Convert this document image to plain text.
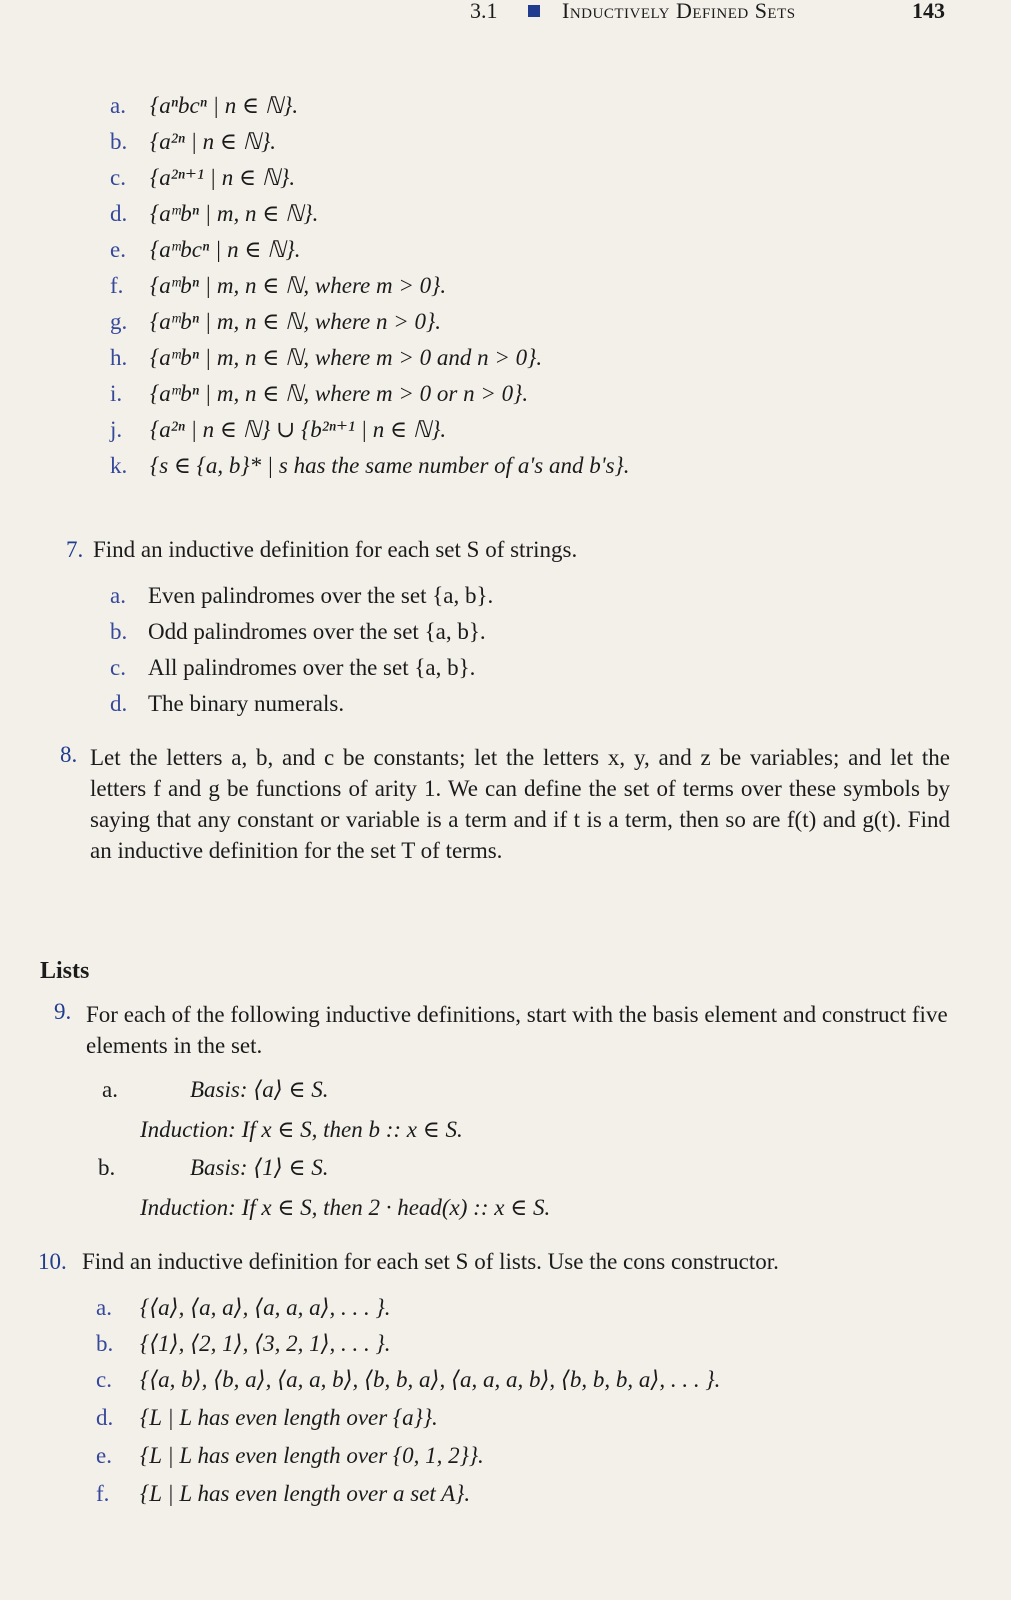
3.1	Inductively Defined Sets	143
a. {aⁿbcⁿ | n ∈ ℕ}.
b. {a²ⁿ | n ∈ ℕ}.
c. {a²ⁿ⁺¹ | n ∈ ℕ}.
d. {aᵐbⁿ | m, n ∈ ℕ}.
e. {aᵐbcⁿ | n ∈ ℕ}.
f. {aᵐbⁿ | m, n ∈ ℕ, where m > 0}.
g. {aᵐbⁿ | m, n ∈ ℕ, where n > 0}.
h. {aᵐbⁿ | m, n ∈ ℕ, where m > 0 and n > 0}.
i. {aᵐbⁿ | m, n ∈ ℕ, where m > 0 or n > 0}.
j. {a²ⁿ | n ∈ ℕ} ∪ {b²ⁿ⁺¹ | n ∈ ℕ}.
k. {s ∈ {a, b}* | s has the same number of a's and b's}.
7. Find an inductive definition for each set S of strings.
a. Even palindromes over the set {a, b}.
b. Odd palindromes over the set {a, b}.
c. All palindromes over the set {a, b}.
d. The binary numerals.
8. Let the letters a, b, and c be constants; let the letters x, y, and z be variables; and let the letters f and g be functions of arity 1. We can define the set of terms over these symbols by saying that any constant or variable is a term and if t is a term, then so are f(t) and g(t). Find an inductive definition for the set T of terms.
Lists
9. For each of the following inductive definitions, start with the basis element and construct five elements in the set.
a.	Basis: ⟨a⟩ ∈ S.
Induction: If x ∈ S, then b :: x ∈ S.
b.	Basis: ⟨1⟩ ∈ S.
Induction: If x ∈ S, then 2 · head(x) :: x ∈ S.
10. Find an inductive definition for each set S of lists. Use the cons constructor.
a. {⟨a⟩, ⟨a, a⟩, ⟨a, a, a⟩, . . . }.
b. {⟨1⟩, ⟨2, 1⟩, ⟨3, 2, 1⟩, . . . }.
c. {⟨a, b⟩, ⟨b, a⟩, ⟨a, a, b⟩, ⟨b, b, a⟩, ⟨a, a, a, b⟩, ⟨b, b, b, a⟩, . . . }.
d. {L | L has even length over {a}}.
e. {L | L has even length over {0, 1, 2}}.
f. {L | L has even length over a set A}.
